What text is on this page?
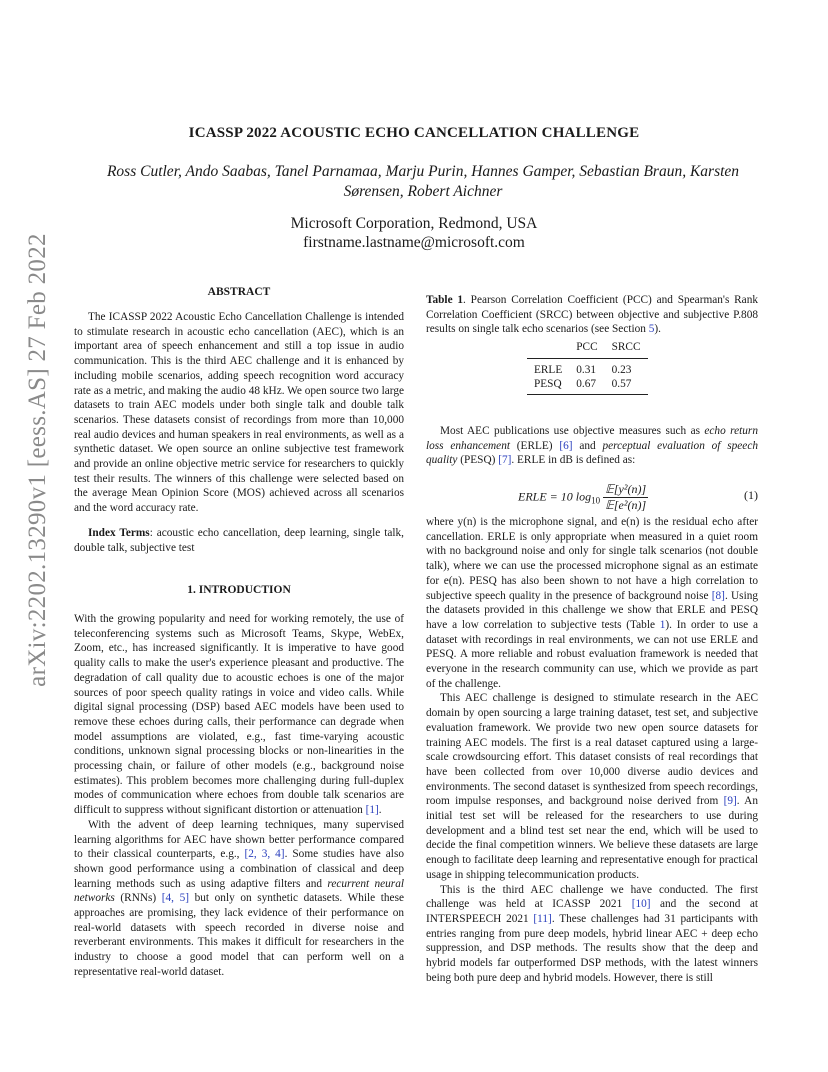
arXiv:2202.13290v1 [eess.AS] 27 Feb 2022
ICASSP 2022 ACOUSTIC ECHO CANCELLATION CHALLENGE
Ross Cutler, Ando Saabas, Tanel Parnamaa, Marju Purin, Hannes Gamper, Sebastian Braun, Karsten Sørensen, Robert Aichner
Microsoft Corporation, Redmond, USA
firstname.lastname@microsoft.com
ABSTRACT

The ICASSP 2022 Acoustic Echo Cancellation Challenge is intended to stimulate research in acoustic echo cancellation (AEC), which is an important area of speech enhancement and still a top issue in audio communication. This is the third AEC challenge and it is enhanced by including mobile scenarios, adding speech recognition word accuracy rate as a metric, and making the audio 48 kHz. We open source two large datasets to train AEC models under both single talk and double talk scenarios. These datasets consist of recordings from more than 10,000 real audio devices and human speakers in real environments, as well as a synthetic dataset. We open source an online subjective test framework and provide an online objective metric service for researchers to quickly test their results. The winners of this challenge were selected based on the average Mean Opinion Score (MOS) achieved across all scenarios and the word accuracy rate.

Index Terms: acoustic echo cancellation, deep learning, single talk, double talk, subjective test

1. INTRODUCTION

With the growing popularity and need for working remotely, the use of teleconferencing systems such as Microsoft Teams, Skype, WebEx, Zoom, etc., has increased significantly. It is imperative to have good quality calls to make the user's experience pleasant and productive. The degradation of call quality due to acoustic echoes is one of the major sources of poor speech quality ratings in voice and video calls. While digital signal processing (DSP) based AEC models have been used to remove these echoes during calls, their performance can degrade when model assumptions are violated, e.g., fast time-varying acoustic conditions, unknown signal processing blocks or non-linearities in the processing chain, or failure of other models (e.g., background noise estimates). This problem becomes more challenging during full-duplex modes of communication where echoes from double talk scenarios are difficult to suppress without significant distortion or attenuation [1].

With the advent of deep learning techniques, many supervised learning algorithms for AEC have shown better performance compared to their classical counterparts, e.g., [2, 3, 4]. Some studies have also shown good performance using a combination of classical and deep learning methods such as using adaptive filters and recurrent neural networks (RNNs) [4, 5] but only on synthetic datasets. While these approaches are promising, they lack evidence of their performance on real-world datasets with speech recorded in diverse noise and reverberant environments. This makes it difficult for researchers in the industry to choose a good model that can perform well on a representative real-world dataset.

Table 1. Pearson Correlation Coefficient (PCC) and Spearman's Rank Correlation Coefficient (SRCC) between objective and subjective P.808 results on single talk echo scenarios (see Section 5).
	PCC	SRCC
ERLE	0.31	0.23
PESQ	0.67	0.57

Most AEC publications use objective measures such as echo return loss enhancement (ERLE) [6] and perceptual evaluation of speech quality (PESQ) [7]. ERLE in dB is defined as:

ERLE = 10 $\log_{10} \frac{\text{𝔼[y²(n)]}}{\text{𝔼[e²(n)]}}$	(1)

where y(n) is the microphone signal, and e(n) is the residual echo after cancellation. ERLE is only appropriate when measured in a quiet room with no background noise and only for single talk scenarios (not double talk), where we can use the processed microphone signal as an estimate for e(n). PESQ has also been shown to not have a high correlation to subjective speech quality in the presence of background noise [8]. Using the datasets provided in this challenge we show that ERLE and PESQ have a low correlation to subjective tests (Table 1). In order to use a dataset with recordings in real environments, we can not use ERLE and PESQ. A more reliable and robust evaluation framework is needed that everyone in the research community can use, which we provide as part of the challenge.

This AEC challenge is designed to stimulate research in the AEC domain by open sourcing a large training dataset, test set, and subjective evaluation framework. We provide two new open source datasets for training AEC models. The first is a real dataset captured using a large-scale crowdsourcing effort. This dataset consists of real recordings that have been collected from over 10,000 diverse audio devices and environments. The second dataset is synthesized from speech recordings, room impulse responses, and background noise derived from [9]. An initial test set will be released for the researchers to use during development and a blind test set near the end, which will be used to decide the final competition winners. We believe these datasets are large enough to facilitate deep learning and representative enough for practical usage in shipping telecommunication products.

This is the third AEC challenge we have conducted. The first challenge was held at ICASSP 2021 [10] and the second at INTERSPEECH 2021 [11]. These challenges had 31 participants with entries ranging from pure deep models, hybrid linear AEC + deep echo suppression, and DSP methods. The results show that the deep and hybrid models far outperformed DSP methods, with the latest winners being both pure deep and hybrid models. However, there is still
